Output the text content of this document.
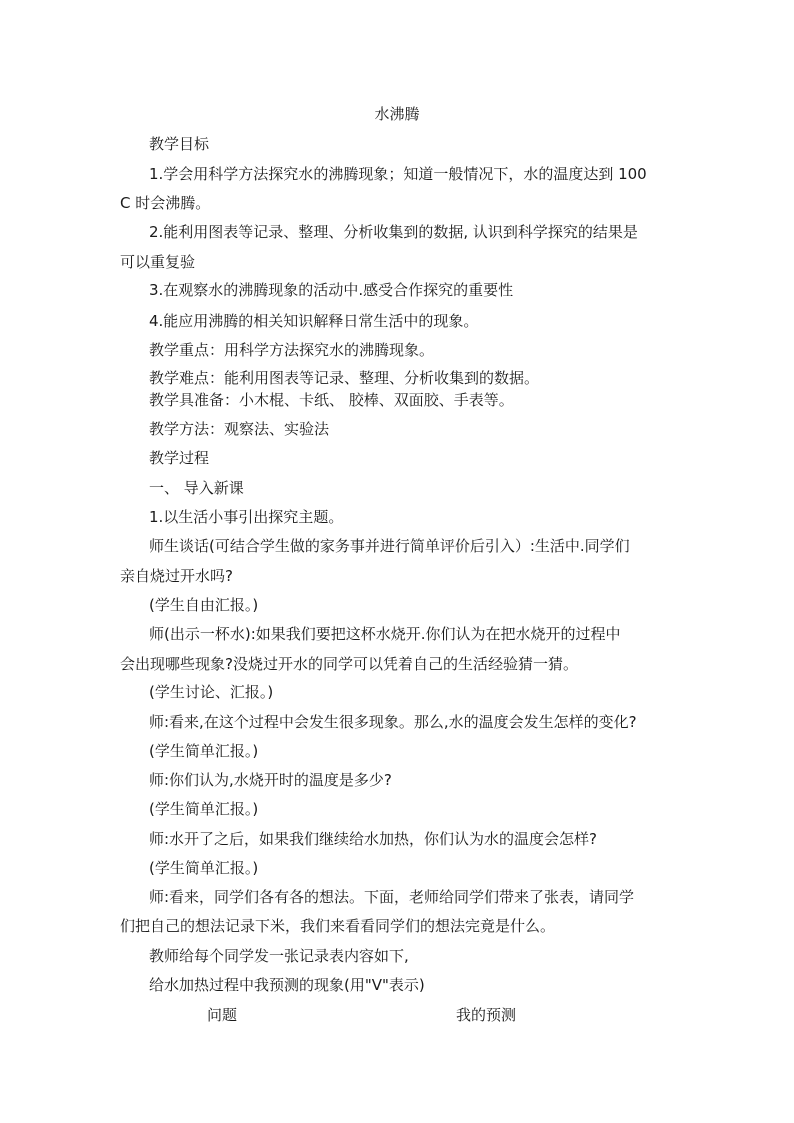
水沸腾
教学目标
1.学会用科学方法探究水的沸腾现象；知道一般情况下，水的温度达到 100
C 时会沸腾。
2.能利用图表等记录、整理、分析收集到的数据, 认识到科学探究的结果是
可以重复验
3.在观察水的沸腾现象的活动中.感受合作探究的重要性
4.能应用沸腾的相关知识解释日常生活中的现象。
教学重点：用科学方法探究水的沸腾现象。
教学难点：能利用图表等记录、整理、分析收集到的数据。
教学具准备：小木棍、卡纸、 胶棒、双面胶、手表等。
教学方法：观察法、实验法
教学过程
一、 导入新课
1.以生活小事引出探究主题。
师生谈话(可结合学生做的家务事并进行简单评价后引入）:生活中.同学们
亲自烧过开水吗?
(学生自由汇报。)
师(出示一杯水):如果我们要把这杯水烧开.你们认为在把水烧开的过程中
会出现哪些现象?没烧过开水的同学可以凭着自己的生活经验猜一猜。
(学生讨论、汇报。)
师:看来,在这个过程中会发生很多现象。那么,水的温度会发生怎样的变化?
(学生简单汇报。)
师:你们认为,水烧开时的温度是多少?
(学生简单汇报。)
师:水开了之后，如果我们继续给水加热，你们认为水的温度会怎样?
(学生简单汇报。)
师:看来，同学们各有各的想法。下面，老师给同学们带来了张表，请同学
们把自己的想法记录下米，我们来看看同学们的想法完竟是什么。
教师给每个同学发一张记录表内容如下,
给水加热过程中我预测的现象(用"V"表示)
问题	我的预测
